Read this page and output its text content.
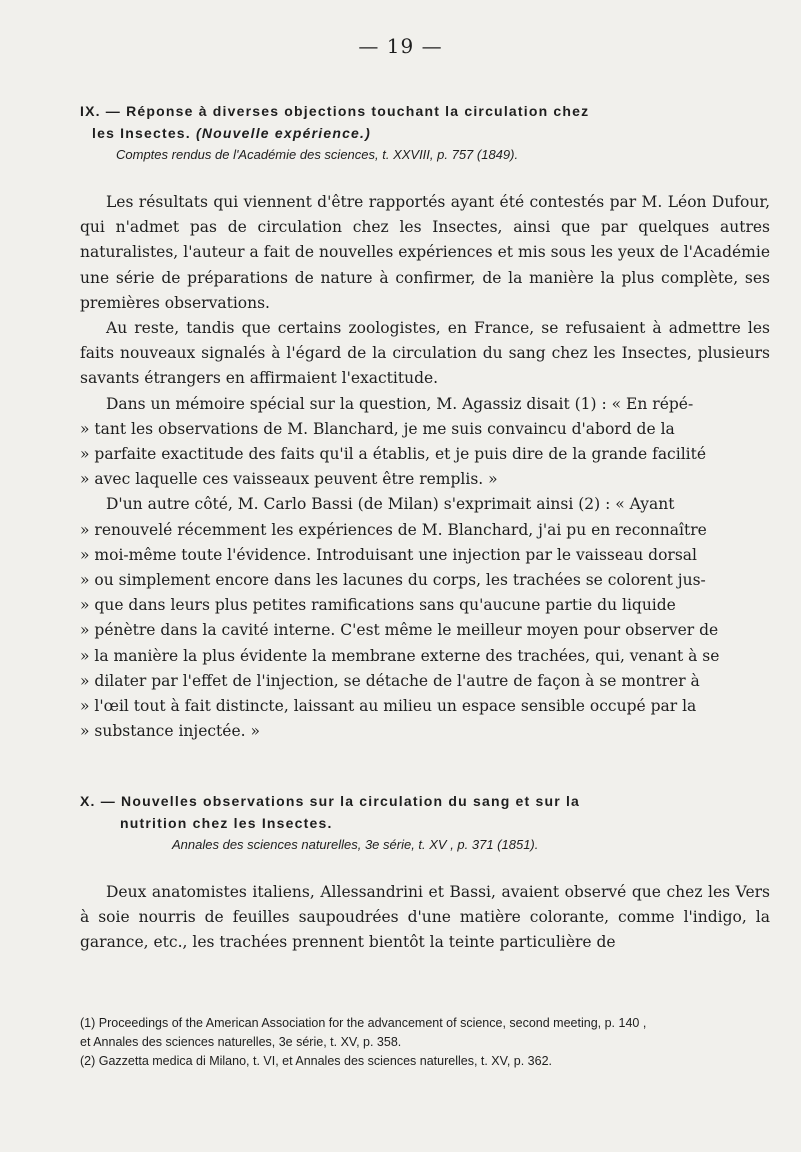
— 19 —

IX. — Réponse à diverses objections touchant la circulation chez

les Insectes. (Nouvelle expérience.)

Comptes rendus de l'Académie des sciences, t. XXVIII, p. 757 (1849).

Les résultats qui viennent d'être rapportés ayant été contestés par M. Léon Dufour, qui n'admet pas de circulation chez les Insectes, ainsi que par quelques autres naturalistes, l'auteur a fait de nouvelles expériences et mis sous les yeux de l'Académie une série de préparations de nature à confirmer, de la manière la plus complète, ses premières observations.

Au reste, tandis que certains zoologistes, en France, se refusaient à admettre les faits nouveaux signalés à l'égard de la circulation du sang chez les Insectes, plusieurs savants étrangers en affirmaient l'exactitude.

Dans un mémoire spécial sur la question, M. Agassiz disait (1) : « En répé-

» tant les observations de M. Blanchard, je me suis convaincu d'abord de la

» parfaite exactitude des faits qu'il a établis, et je puis dire de la grande facilité

» avec laquelle ces vaisseaux peuvent être remplis. »

D'un autre côté, M. Carlo Bassi (de Milan) s'exprimait ainsi (2) : « Ayant

» renouvelé récemment les expériences de M. Blanchard, j'ai pu en reconnaître

» moi-même toute l'évidence. Introduisant une injection par le vaisseau dorsal

» ou simplement encore dans les lacunes du corps, les trachées se colorent jus-

» que dans leurs plus petites ramifications sans qu'aucune partie du liquide

» pénètre dans la cavité interne. C'est même le meilleur moyen pour observer de

» la manière la plus évidente la membrane externe des trachées, qui, venant à se

» dilater par l'effet de l'injection, se détache de l'autre de façon à se montrer à

» l'œil tout à fait distincte, laissant au milieu un espace sensible occupé par la

» substance injectée. »

X. — Nouvelles observations sur la circulation du sang et sur la

nutrition chez les Insectes.

Annales des sciences naturelles, 3e série, t. XV , p. 371 (1851).

Deux anatomistes italiens, Allessandrini et Bassi, avaient observé que chez les Vers à soie nourris de feuilles saupoudrées d'une matière colorante, comme l'indigo, la garance, etc., les trachées prennent bientôt la teinte particulière de

(1) Proceedings of the American Association for the advancement of science, second meeting, p. 140 ,

et Annales des sciences naturelles, 3e série, t. XV, p. 358.

(2) Gazzetta medica di Milano, t. VI, et Annales des sciences naturelles, t. XV, p. 362.
